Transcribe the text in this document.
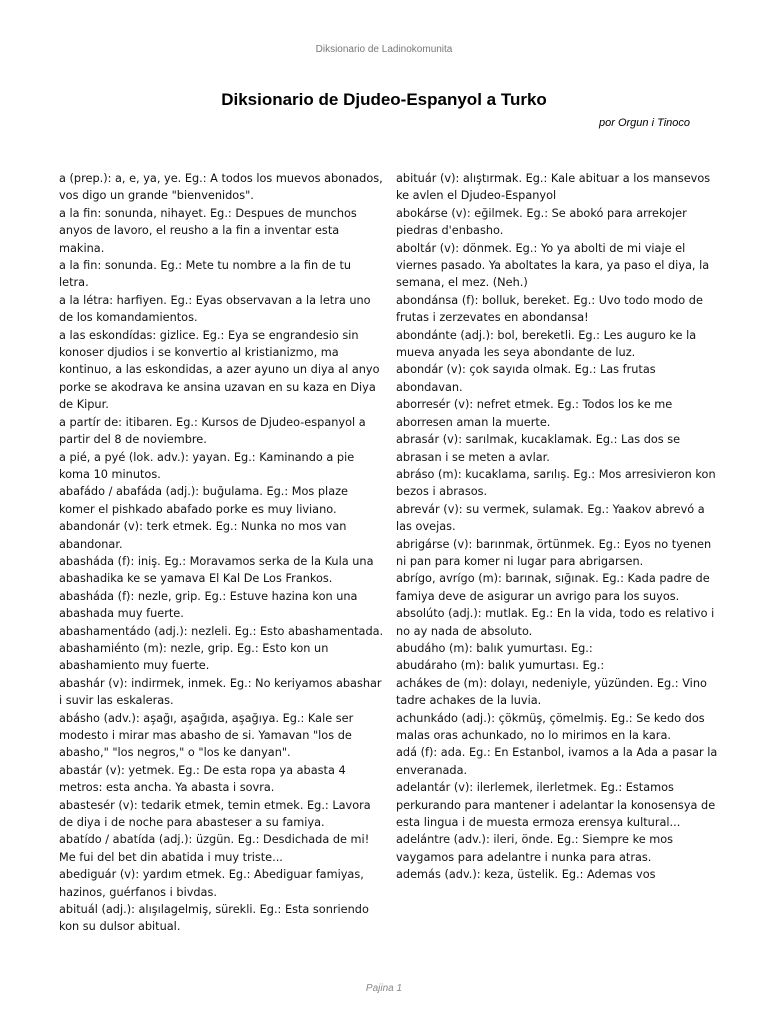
Diksionario de Ladinokomunita
Diksionario de Djudeo-Espanyol a Turko
por Orgun i Tinoco

a (prep.): a, e, ya, ye. Eg.: A todos los muevos abonados, vos digo un grande "bienvenidos".

a la fin: sonunda, nihayet. Eg.: Despues de munchos anyos de lavoro, el reusho a la fin a inventar esta makina.

a la fin: sonunda. Eg.: Mete tu nombre a la fin de tu letra.

a la létra: harfiyen. Eg.: Eyas observavan a la letra uno de los komandamientos.

a las eskondídas: gizlice. Eg.: Eya se engrandesio sin konoser djudios i se konvertio al kristianizmo, ma kontinuo, a las eskondidas, a azer ayuno un diya al anyo porke se akodrava ke ansina uzavan en su kaza en Diya de Kipur.

a partír de: itibaren. Eg.: Kursos de Djudeo-espanyol a partir del 8 de noviembre.

a pié, a pyé (lok. adv.): yayan. Eg.: Kaminando a pie koma 10 minutos.

abafádo / abafáda (adj.): buğulama. Eg.: Mos plaze komer el pishkado abafado porke es muy liviano.

abandonár (v): terk etmek. Eg.: Nunka no mos van abandonar.

abasháda (f): iniş. Eg.: Moravamos serka de la Kula una abashadika ke se yamava El Kal De Los Frankos.

abasháda (f): nezle, grip. Eg.: Estuve hazina kon una abashada muy fuerte.

abashamentádo (adj.): nezleli. Eg.: Esto abashamentada.

abashamiénto (m): nezle, grip. Eg.: Esto kon un abashamiento muy fuerte.

abashár (v): indirmek, inmek. Eg.: No keriyamos abashar i suvir las eskaleras.

abásho (adv.): aşağı, aşağıda, aşağıya. Eg.: Kale ser modesto i mirar mas abasho de si. Yamavan "los de abasho," "los negros," o "los ke danyan".

abastár (v): yetmek. Eg.: De esta ropa ya abasta 4 metros: esta ancha. Ya abasta i sovra.

abastesér (v): tedarik etmek, temin etmek. Eg.: Lavora de diya i de noche para abasteser a su famiya.

abatído / abatída (adj.): üzgün. Eg.: Desdichada de mi! Me fui del bet din abatida i muy triste...

abediguár (v): yardım etmek. Eg.: Abediguar famiyas, hazinos, guérfanos i bivdas.

abituál (adj.): alışılagelmiş, sürekli. Eg.: Esta sonriendo kon su dulsor abitual.

abituár (v): alıştırmak. Eg.: Kale abituar a los mansevos ke avlen el Djudeo-Espanyol

abokárse (v): eğilmek. Eg.: Se abokó para arrekojer piedras d'enbasho.

aboltár (v): dönmek. Eg.: Yo ya abolti de mi viaje el viernes pasado. Ya aboltates la kara, ya paso el diya, la semana, el mez. (Neh.)

abondánsa (f): bolluk, bereket. Eg.: Uvo todo modo de frutas i zerzevates en abondansa!

abondánte (adj.): bol, bereketli. Eg.: Les auguro ke la mueva anyada les seya abondante de luz.

abondár (v): çok sayıda olmak. Eg.: Las frutas abondavan.

aborresér (v): nefret etmek. Eg.: Todos los ke me aborresen aman la muerte.

abrasár (v): sarılmak, kucaklamak. Eg.: Las dos se abrasan i se meten a avlar.

abráso (m): kucaklama, sarılış. Eg.: Mos arresivieron kon bezos i abrasos.

abrevár (v): su vermek, sulamak. Eg.: Yaakov abrevó a las ovejas.

abrigárse (v): barınmak, örtünmek. Eg.: Eyos no tyenen ni pan para komer ni lugar para abrigarsen.

abrígo, avrígo (m): barınak, sığınak. Eg.: Kada padre de famiya deve de asigurar un avrigo para los suyos.

absolúto (adj.): mutlak. Eg.: En la vida, todo es relativo i no ay nada de absoluto.

abudáho (m): balık yumurtası. Eg.:

abudáraho (m): balık yumurtası. Eg.:

achákes de (m): dolayı, nedeniyle, yüzünden. Eg.: Vino tadre achakes de la luvia.

achunkádo (adj.): çökmüş, çömelmiş. Eg.: Se kedo dos malas oras achunkado, no lo mirimos en la kara.

adá (f): ada. Eg.: En Estanbol, ivamos a la Ada a pasar la enveranada.

adelantár (v): ilerlemek, ilerletmek. Eg.: Estamos perkurando para mantener i adelantar la konosensya de esta lingua i de muesta ermoza erensya kultural...

adelántre (adv.): ileri, önde. Eg.: Siempre ke mos vaygamos para adelantre i nunka para atras.

además (adv.): keza, üstelik. Eg.: Ademas vos

Pajina 1
